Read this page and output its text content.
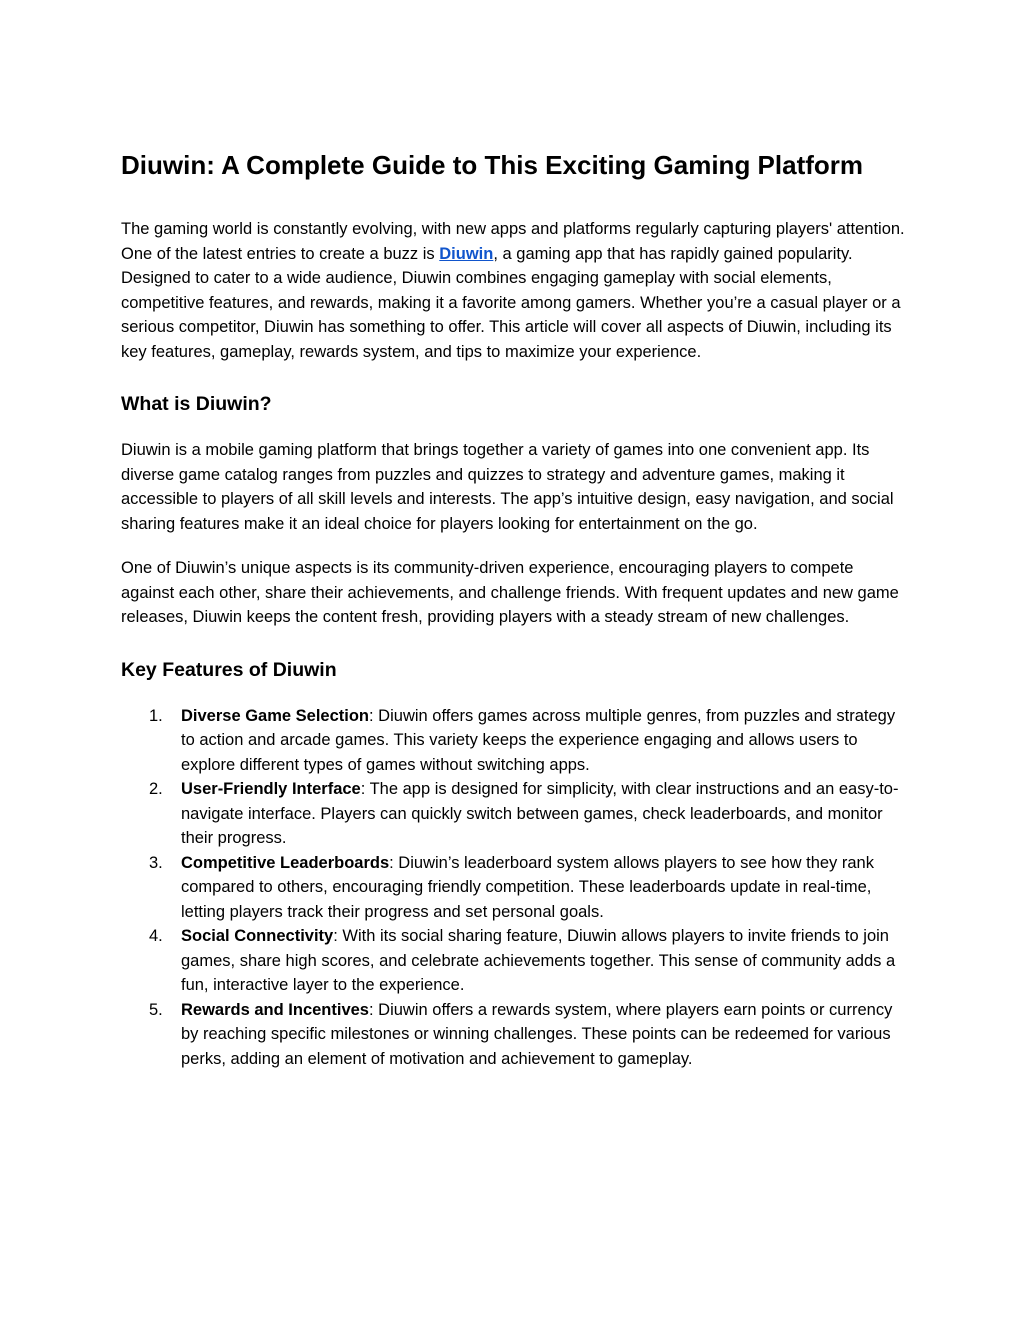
Diuwin: A Complete Guide to This Exciting Gaming Platform

The gaming world is constantly evolving, with new apps and platforms regularly capturing players' attention. One of the latest entries to create a buzz is Diuwin, a gaming app that has rapidly gained popularity. Designed to cater to a wide audience, Diuwin combines engaging gameplay with social elements, competitive features, and rewards, making it a favorite among gamers. Whether you’re a casual player or a serious competitor, Diuwin has something to offer. This article will cover all aspects of Diuwin, including its key features, gameplay, rewards system, and tips to maximize your experience.

What is Diuwin?

Diuwin is a mobile gaming platform that brings together a variety of games into one convenient app. Its diverse game catalog ranges from puzzles and quizzes to strategy and adventure games, making it accessible to players of all skill levels and interests. The app’s intuitive design, easy navigation, and social sharing features make it an ideal choice for players looking for entertainment on the go.

One of Diuwin’s unique aspects is its community-driven experience, encouraging players to compete against each other, share their achievements, and challenge friends. With frequent updates and new game releases, Diuwin keeps the content fresh, providing players with a steady stream of new challenges.

Key Features of Diuwin
1. Diverse Game Selection: Diuwin offers games across multiple genres, from puzzles and strategy to action and arcade games. This variety keeps the experience engaging and allows users to explore different types of games without switching apps.
2. User-Friendly Interface: The app is designed for simplicity, with clear instructions and an easy-to-navigate interface. Players can quickly switch between games, check leaderboards, and monitor their progress.
3. Competitive Leaderboards: Diuwin’s leaderboard system allows players to see how they rank compared to others, encouraging friendly competition. These leaderboards update in real-time, letting players track their progress and set personal goals.
4. Social Connectivity: With its social sharing feature, Diuwin allows players to invite friends to join games, share high scores, and celebrate achievements together. This sense of community adds a fun, interactive layer to the experience.
5. Rewards and Incentives: Diuwin offers a rewards system, where players earn points or currency by reaching specific milestones or winning challenges. These points can be redeemed for various perks, adding an element of motivation and achievement to gameplay.
